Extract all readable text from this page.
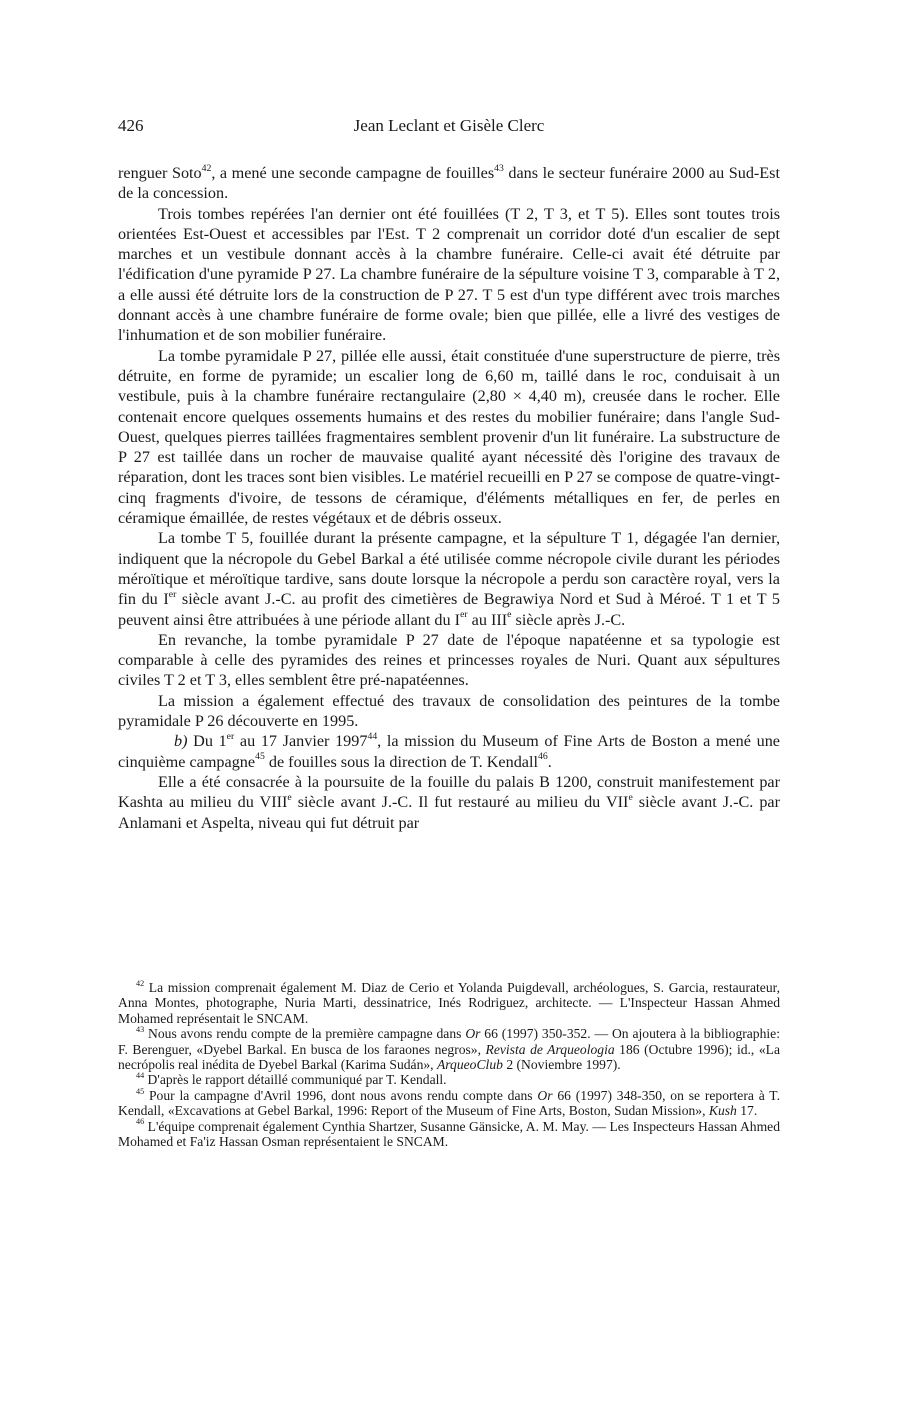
426	Jean Leclant et Gisèle Clerc

renguer Soto$^{42}$, a mené une seconde campagne de fouilles$^{43}$ dans le secteur funéraire 2000 au Sud-Est de la concession.

Trois tombes repérées l'an dernier ont été fouillées (T 2, T 3, et T 5). Elles sont toutes trois orientées Est-Ouest et accessibles par l'Est. T 2 comprenait un corridor doté d'un escalier de sept marches et un vestibule donnant accès à la chambre funéraire. Celle-ci avait été détruite par l'édification d'une pyramide P 27. La chambre funéraire de la sépulture voisine T 3, comparable à T 2, a elle aussi été détruite lors de la construction de P 27. T 5 est d'un type différent avec trois marches donnant accès à une chambre funéraire de forme ovale; bien que pillée, elle a livré des vestiges de l'inhumation et de son mobilier funéraire.

La tombe pyramidale P 27, pillée elle aussi, était constituée d'une superstructure de pierre, très détruite, en forme de pyramide; un escalier long de 6,60 m, taillé dans le roc, conduisait à un vestibule, puis à la chambre funéraire rectangulaire (2,80 × 4,40 m), creusée dans le rocher. Elle contenait encore quelques ossements humains et des restes du mobilier funéraire; dans l'angle Sud-Ouest, quelques pierres taillées fragmentaires semblent provenir d'un lit funéraire. La substructure de P 27 est taillée dans un rocher de mauvaise qualité ayant nécessité dès l'origine des travaux de réparation, dont les traces sont bien visibles. Le matériel recueilli en P 27 se compose de quatre-vingt-cinq fragments d'ivoire, de tessons de céramique, d'éléments métalliques en fer, de perles en céramique émaillée, de restes végétaux et de débris osseux.

La tombe T 5, fouillée durant la présente campagne, et la sépulture T 1, dégagée l'an dernier, indiquent que la nécropole du Gebel Barkal a été utilisée comme nécropole civile durant les périodes méroïtique et méroïtique tardive, sans doute lorsque la nécropole a perdu son caractère royal, vers la fin du Ier siècle avant J.-C. au profit des cimetières de Begrawiya Nord et Sud à Méroé. T 1 et T 5 peuvent ainsi être attribuées à une période allant du Ier au IIIe siècle après J.-C.

En revanche, la tombe pyramidale P 27 date de l'époque napatéenne et sa typologie est comparable à celle des pyramides des reines et princesses royales de Nuri. Quant aux sépultures civiles T 2 et T 3, elles semblent être pré-napatéennes.

La mission a également effectué des travaux de consolidation des peintures de la tombe pyramidale P 26 découverte en 1995.

b) Du 1er au 17 Janvier 1997$^{44}$, la mission du Museum of Fine Arts de Boston a mené une cinquième campagne$^{45}$ de fouilles sous la direction de T. Kendall$^{46}$.

Elle a été consacrée à la poursuite de la fouille du palais B 1200, construit manifestement par Kashta au milieu du VIIIe siècle avant J.-C. Il fut restauré au milieu du VIIe siècle avant J.-C. par Anlamani et Aspelta, niveau qui fut détruit par

$^{42}$ La mission comprenait également M. Diaz de Cerio et Yolanda Puigdevall, archéologues, S. Garcia, restaurateur, Anna Montes, photographe, Nuria Marti, dessinatrice, Inés Rodriguez, architecte. — L'Inspecteur Hassan Ahmed Mohamed représentait le SNCAM.

$^{43}$ Nous avons rendu compte de la première campagne dans Or 66 (1997) 350-352. — On ajoutera à la bibliographie: F. Berenguer, «Dyebel Barkal. En busca de los faraones negros», Revista de Arqueologia 186 (Octubre 1996); id., «La necrópolis real inédita de Dyebel Barkal (Karima Sudán», ArqueoClub 2 (Noviembre 1997).

$^{44}$ D'après le rapport détaillé communiqué par T. Kendall.

$^{45}$ Pour la campagne d'Avril 1996, dont nous avons rendu compte dans Or 66 (1997) 348-350, on se reportera à T. Kendall, «Excavations at Gebel Barkal, 1996: Report of the Museum of Fine Arts, Boston, Sudan Mission», Kush 17.

$^{46}$ L'équipe comprenait également Cynthia Shartzer, Susanne Gänsicke, A. M. May. — Les Inspecteurs Hassan Ahmed Mohamed et Fa'iz Hassan Osman représentaient le SNCAM.
